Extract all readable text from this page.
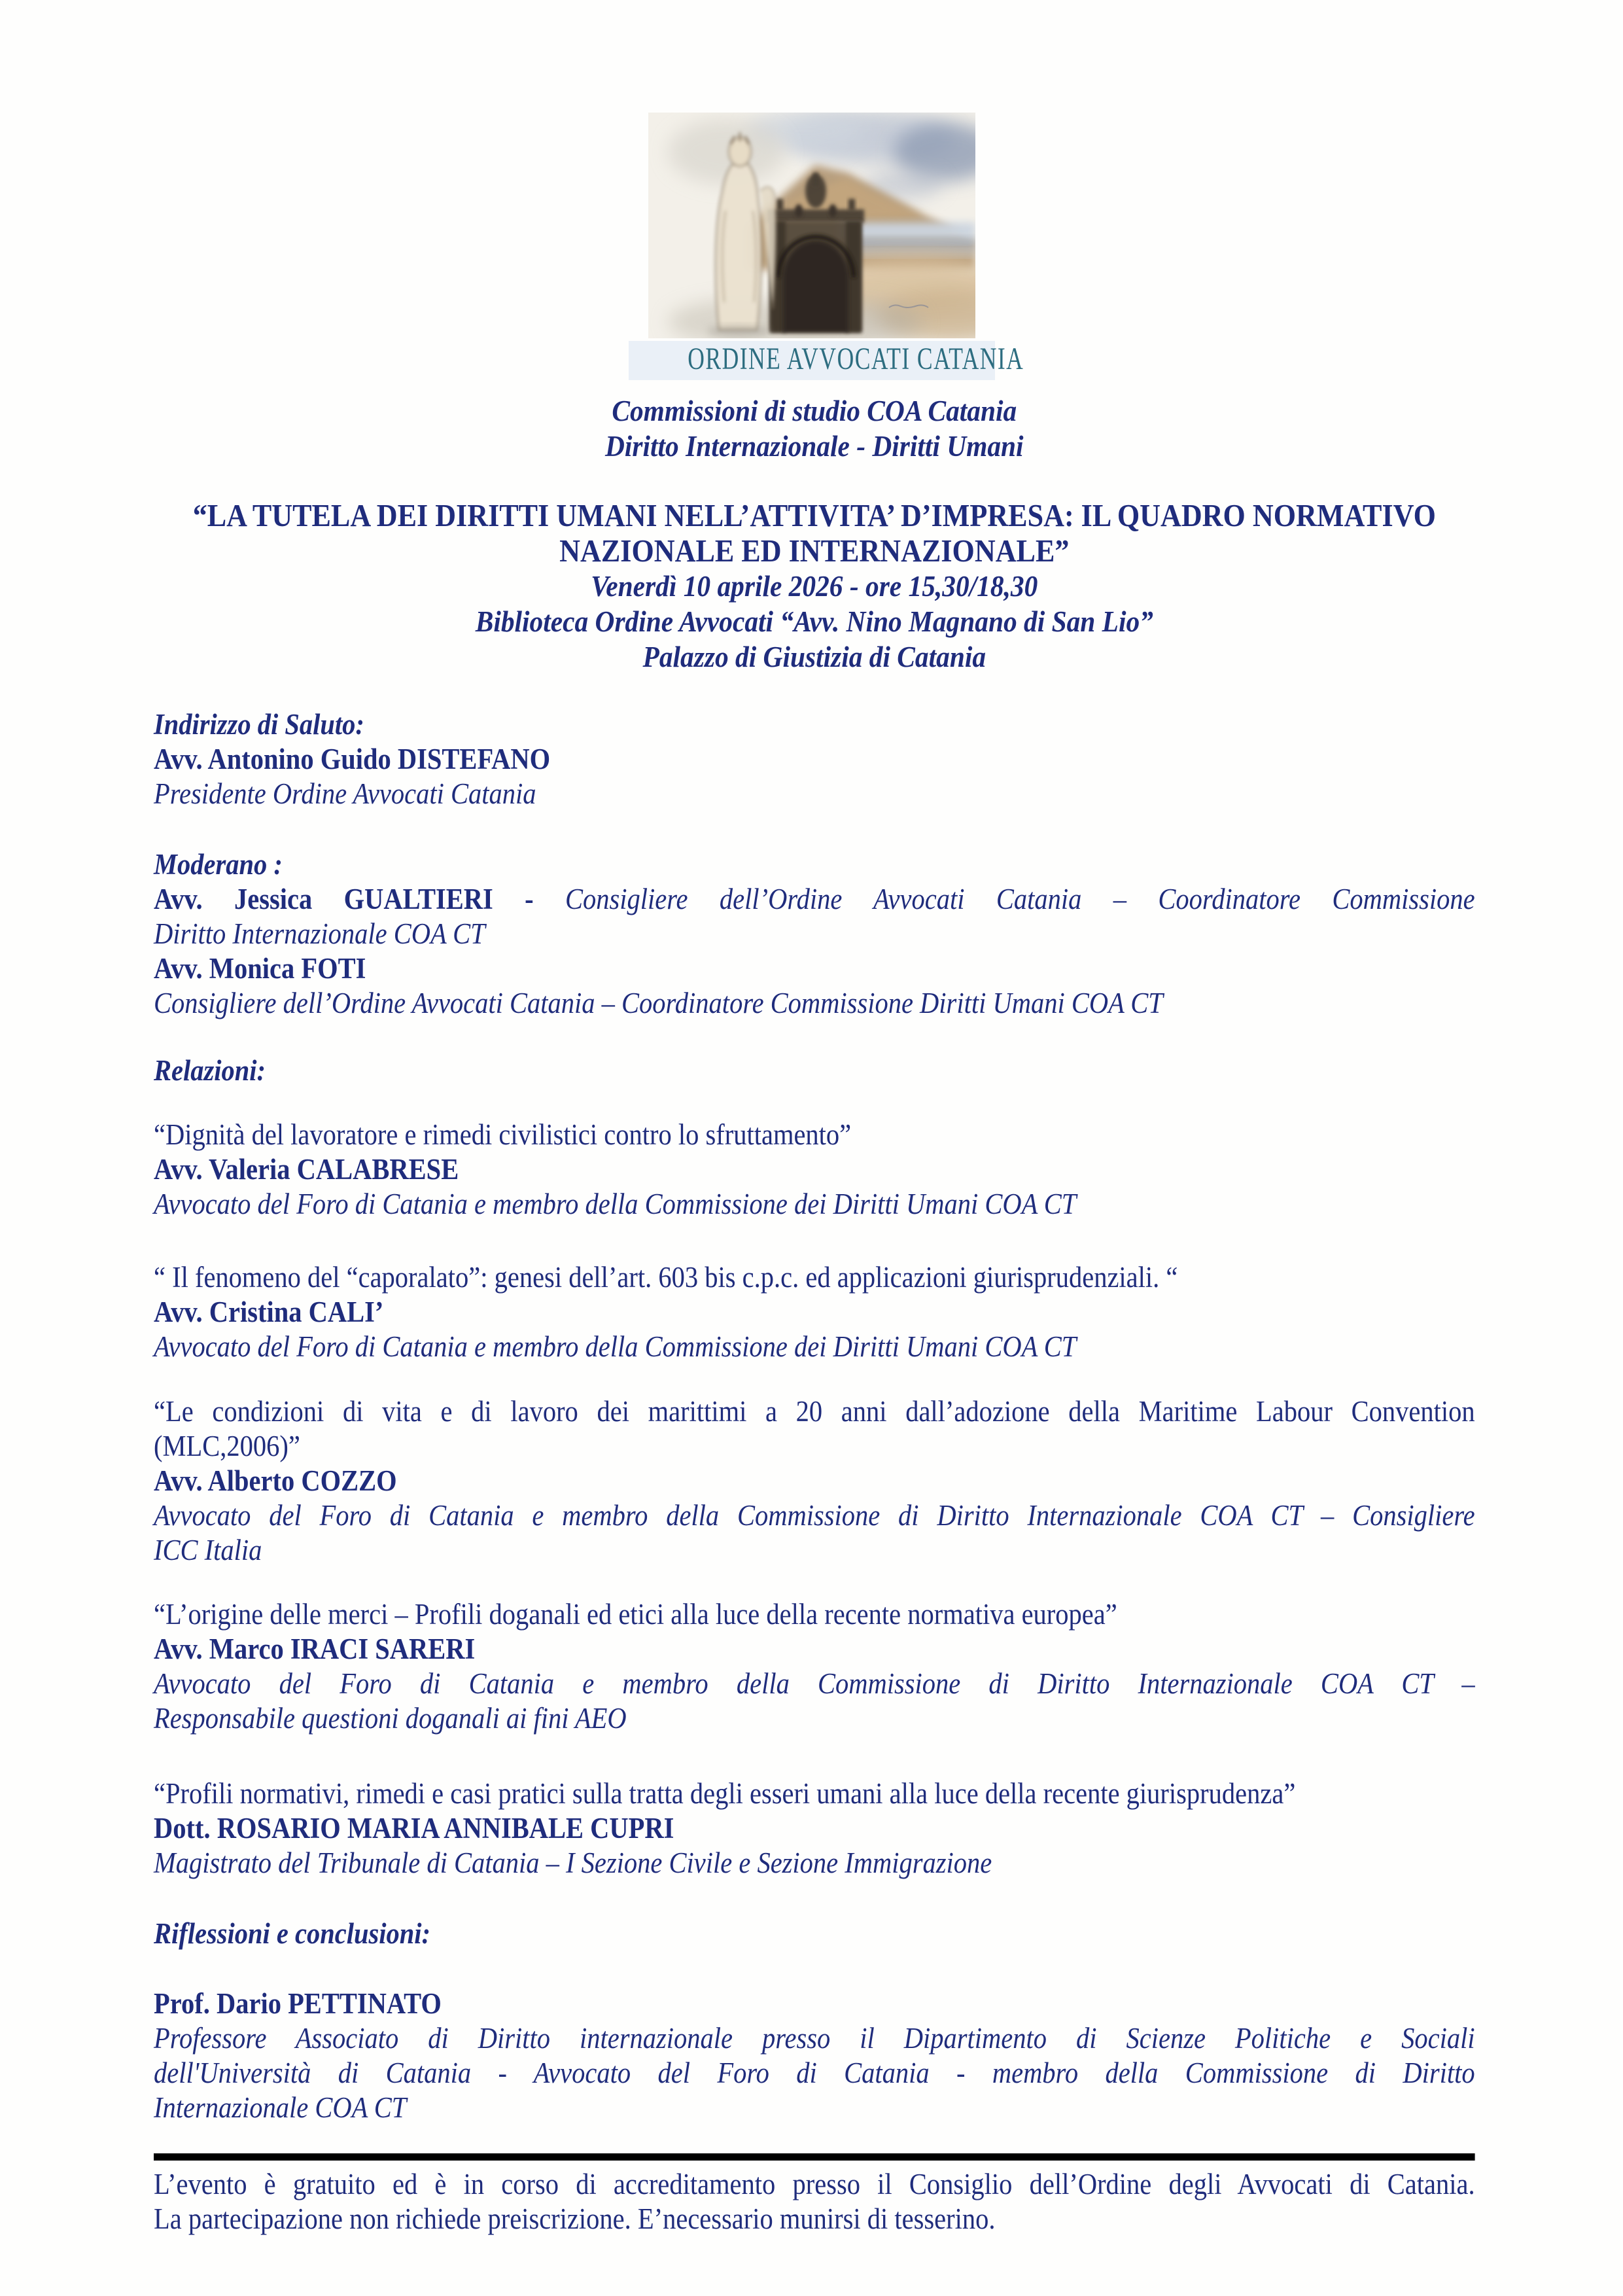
ORDINE AVVOCATI CATANIA
Commissioni di studio COA Catania
Diritto Internazionale - Diritti Umani
“LA TUTELA DEI DIRITTI UMANI NELL’ATTIVITA’ D’IMPRESA: IL QUADRO NORMATIVO
NAZIONALE ED INTERNAZIONALE”
Venerdì 10 aprile 2026 - ore 15,30/18,30
Biblioteca Ordine Avvocati “Avv. Nino Magnano di San Lio”
Palazzo di Giustizia di Catania
Indirizzo di Saluto:
Avv. Antonino Guido DISTEFANO
Presidente Ordine Avvocati Catania
Moderano :
Avv. Jessica GUALTIERI - Consigliere dell’Ordine Avvocati Catania – Coordinatore Commissione
Diritto Internazionale COA CT
Avv. Monica FOTI
Consigliere dell’Ordine Avvocati Catania – Coordinatore Commissione Diritti Umani COA CT
Relazioni:
“Dignità del lavoratore e rimedi civilistici contro lo sfruttamento”
Avv. Valeria CALABRESE
Avvocato del Foro di Catania e membro della Commissione dei Diritti Umani COA CT
“ Il fenomeno del “caporalato”: genesi dell’art. 603 bis c.p.c. ed applicazioni giurisprudenziali. “
Avv. Cristina CALI’
Avvocato del Foro di Catania e membro della Commissione dei Diritti Umani COA CT
“Le condizioni di vita e di lavoro dei marittimi a 20 anni dall’adozione della Maritime Labour Convention
(MLC,2006)”
Avv. Alberto COZZO
Avvocato del Foro di Catania e membro della Commissione di Diritto Internazionale COA CT – Consigliere
ICC Italia
“L’origine delle merci – Profili doganali ed etici alla luce della recente normativa europea”
Avv. Marco IRACI SARERI
Avvocato del Foro di Catania e membro della Commissione di Diritto Internazionale COA CT –
Responsabile questioni doganali ai fini AEO
“Profili normativi, rimedi e casi pratici sulla tratta degli esseri umani alla luce della recente giurisprudenza”
Dott. ROSARIO MARIA ANNIBALE CUPRI
Magistrato del Tribunale di Catania – I Sezione Civile e Sezione Immigrazione
Riflessioni e conclusioni:
Prof. Dario PETTINATO
Professore Associato di Diritto internazionale presso il Dipartimento di Scienze Politiche e Sociali
dell'Università di Catania - Avvocato del Foro di Catania - membro della Commissione di Diritto
Internazionale COA CT
L’evento è gratuito ed è in corso di accreditamento presso il Consiglio dell’Ordine degli Avvocati di Catania.
La partecipazione non richiede preiscrizione. E’necessario munirsi di tesserino.
